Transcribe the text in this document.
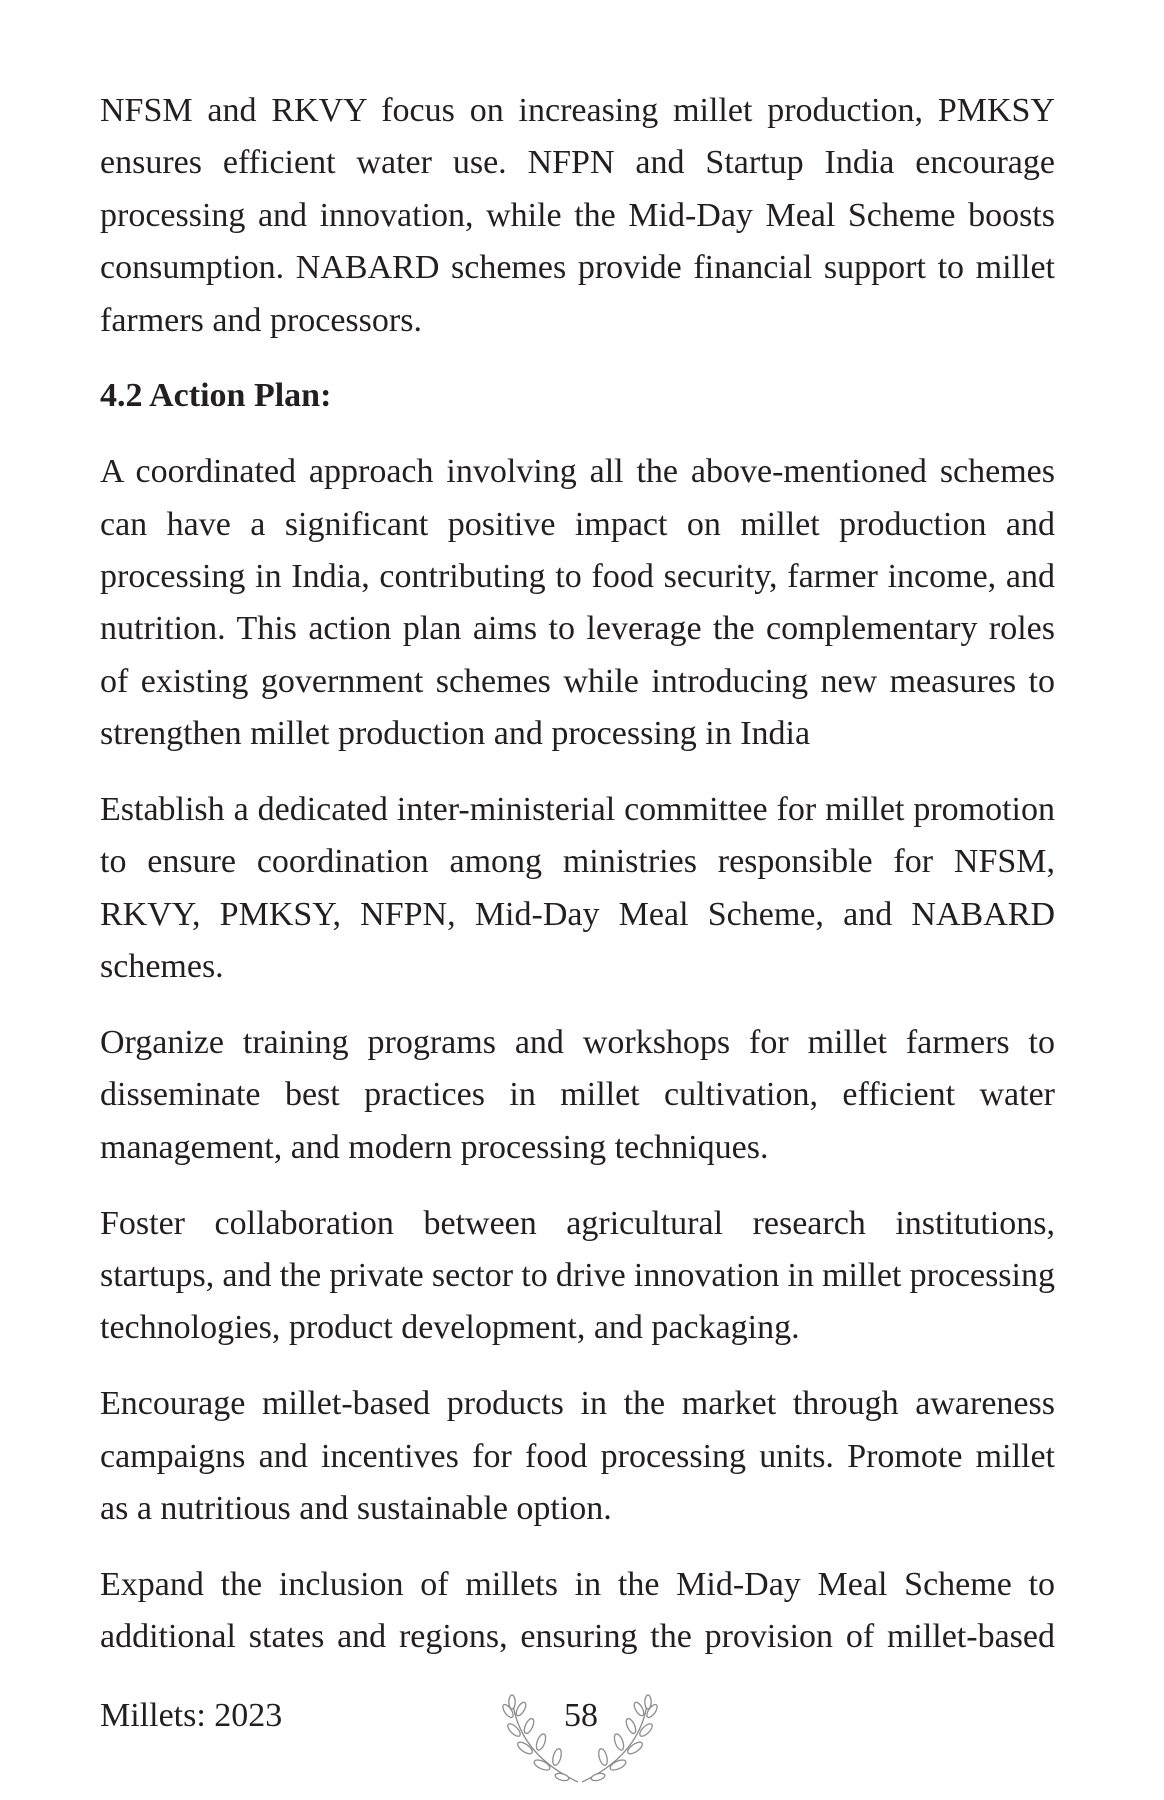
NFSM and RKVY focus on increasing millet production, PMKSY
ensures efficient water use. NFPN and Startup India encourage
processing and innovation, while the Mid-Day Meal Scheme boosts
consumption. NABARD schemes provide financial support to millet
farmers and processors.
4.2 Action Plan:
A coordinated approach involving all the above-mentioned schemes
can have a significant positive impact on millet production and
processing in India, contributing to food security, farmer income, and
nutrition. This action plan aims to leverage the complementary roles
of existing government schemes while introducing new measures to
strengthen millet production and processing in India
Establish a dedicated inter-ministerial committee for millet promotion
to ensure coordination among ministries responsible for NFSM,
RKVY, PMKSY, NFPN, Mid-Day Meal Scheme, and NABARD
schemes.
Organize training programs and workshops for millet farmers to
disseminate best practices in millet cultivation, efficient water
management, and modern processing techniques.
Foster collaboration between agricultural research institutions,
startups, and the private sector to drive innovation in millet processing
technologies, product development, and packaging.
Encourage millet-based products in the market through awareness
campaigns and incentives for food processing units. Promote millet
as a nutritious and sustainable option.
Expand the inclusion of millets in the Mid-Day Meal Scheme to
additional states and regions, ensuring the provision of millet-based
Millets: 2023	58
